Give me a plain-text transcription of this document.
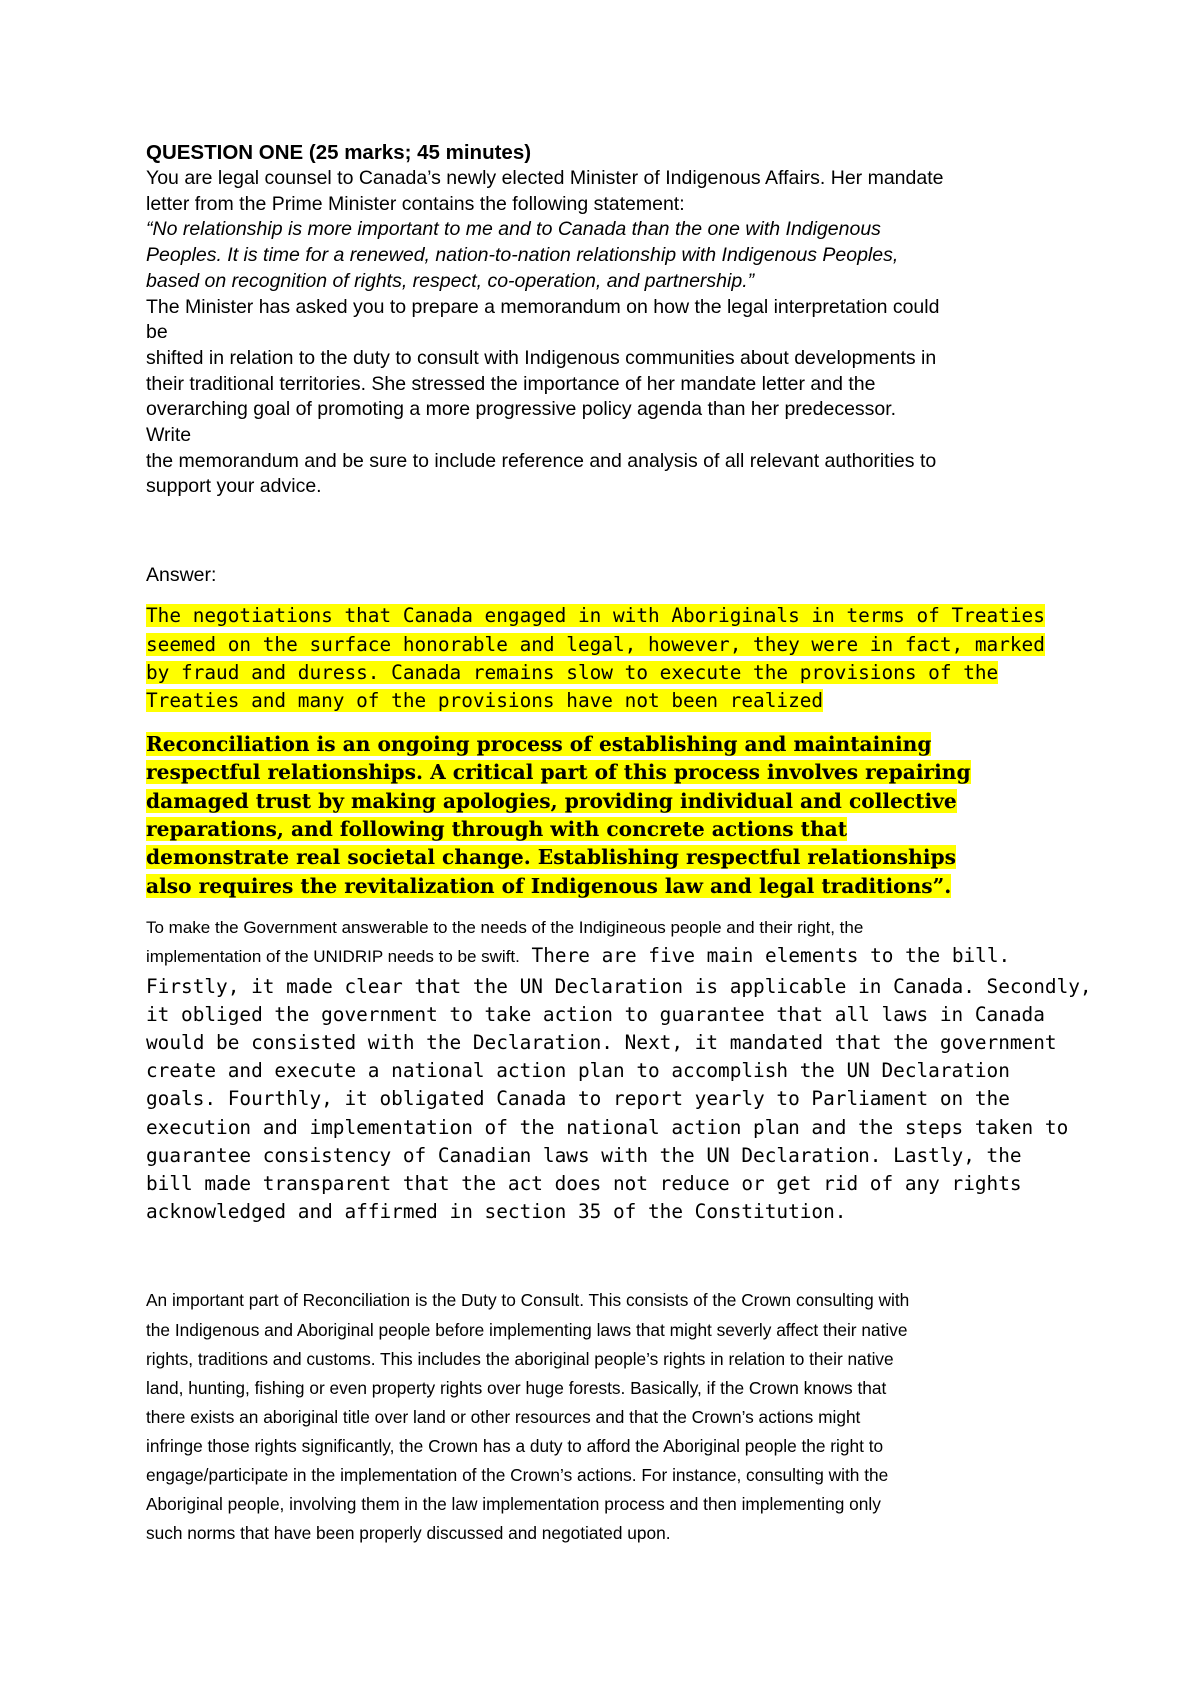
QUESTION ONE (25 marks; 45 minutes)
You are legal counsel to Canada’s newly elected Minister of Indigenous Affairs. Her mandate
letter from the Prime Minister contains the following statement:
“No relationship is more important to me and to Canada than the one with Indigenous
Peoples. It is time for a renewed, nation-to-nation relationship with Indigenous Peoples,
based on recognition of rights, respect, co-operation, and partnership.”
The Minister has asked you to prepare a memorandum on how the legal interpretation could
be
shifted in relation to the duty to consult with Indigenous communities about developments in
their traditional territories. She stressed the importance of her mandate letter and the
overarching goal of promoting a more progressive policy agenda than her predecessor.
Write
the memorandum and be sure to include reference and analysis of all relevant authorities to
support your advice.
Answer:
The negotiations that Canada engaged in with Aboriginals in terms of Treaties
seemed on the surface honorable and legal, however, they were in fact, marked
by fraud and duress. Canada remains slow to execute the provisions of the
Treaties and many of the provisions have not been realized
Reconciliation is an ongoing process of establishing and maintaining
respectful relationships. A critical part of this process involves repairing
damaged trust by making apologies, providing individual and collective
reparations, and following through with concrete actions that
demonstrate real societal change. Establishing respectful relationships
also requires the revitalization of Indigenous law and legal traditions”.
To make the Government answerable to the needs of the Indigineous people and their right, the
implementation of the UNIDRIP needs to be swift. There are five main elements to the bill.
Firstly, it made clear that the UN Declaration is applicable in Canada. Secondly,
it obliged the government to take action to guarantee that all laws in Canada
would be consisted with the Declaration. Next, it mandated that the government
create and execute a national action plan to accomplish the UN Declaration
goals. Fourthly, it obligated Canada to report yearly to Parliament on the
execution and implementation of the national action plan and the steps taken to
guarantee consistency of Canadian laws with the UN Declaration. Lastly, the
bill made transparent that the act does not reduce or get rid of any rights
acknowledged and affirmed in section 35 of the Constitution.
An important part of Reconciliation is the Duty to Consult. This consists of the Crown consulting with
the Indigenous and Aboriginal people before implementing laws that might severly affect their native
rights, traditions and customs. This includes the aboriginal people’s rights in relation to their native
land, hunting, fishing or even property rights over huge forests. Basically, if the Crown knows that
there exists an aboriginal title over land or other resources and that the Crown’s actions might
infringe those rights significantly, the Crown has a duty to afford the Aboriginal people the right to
engage/participate in the implementation of the Crown’s actions. For instance, consulting with the
Aboriginal people, involving them in the law implementation process and then implementing only
such norms that have been properly discussed and negotiated upon.
